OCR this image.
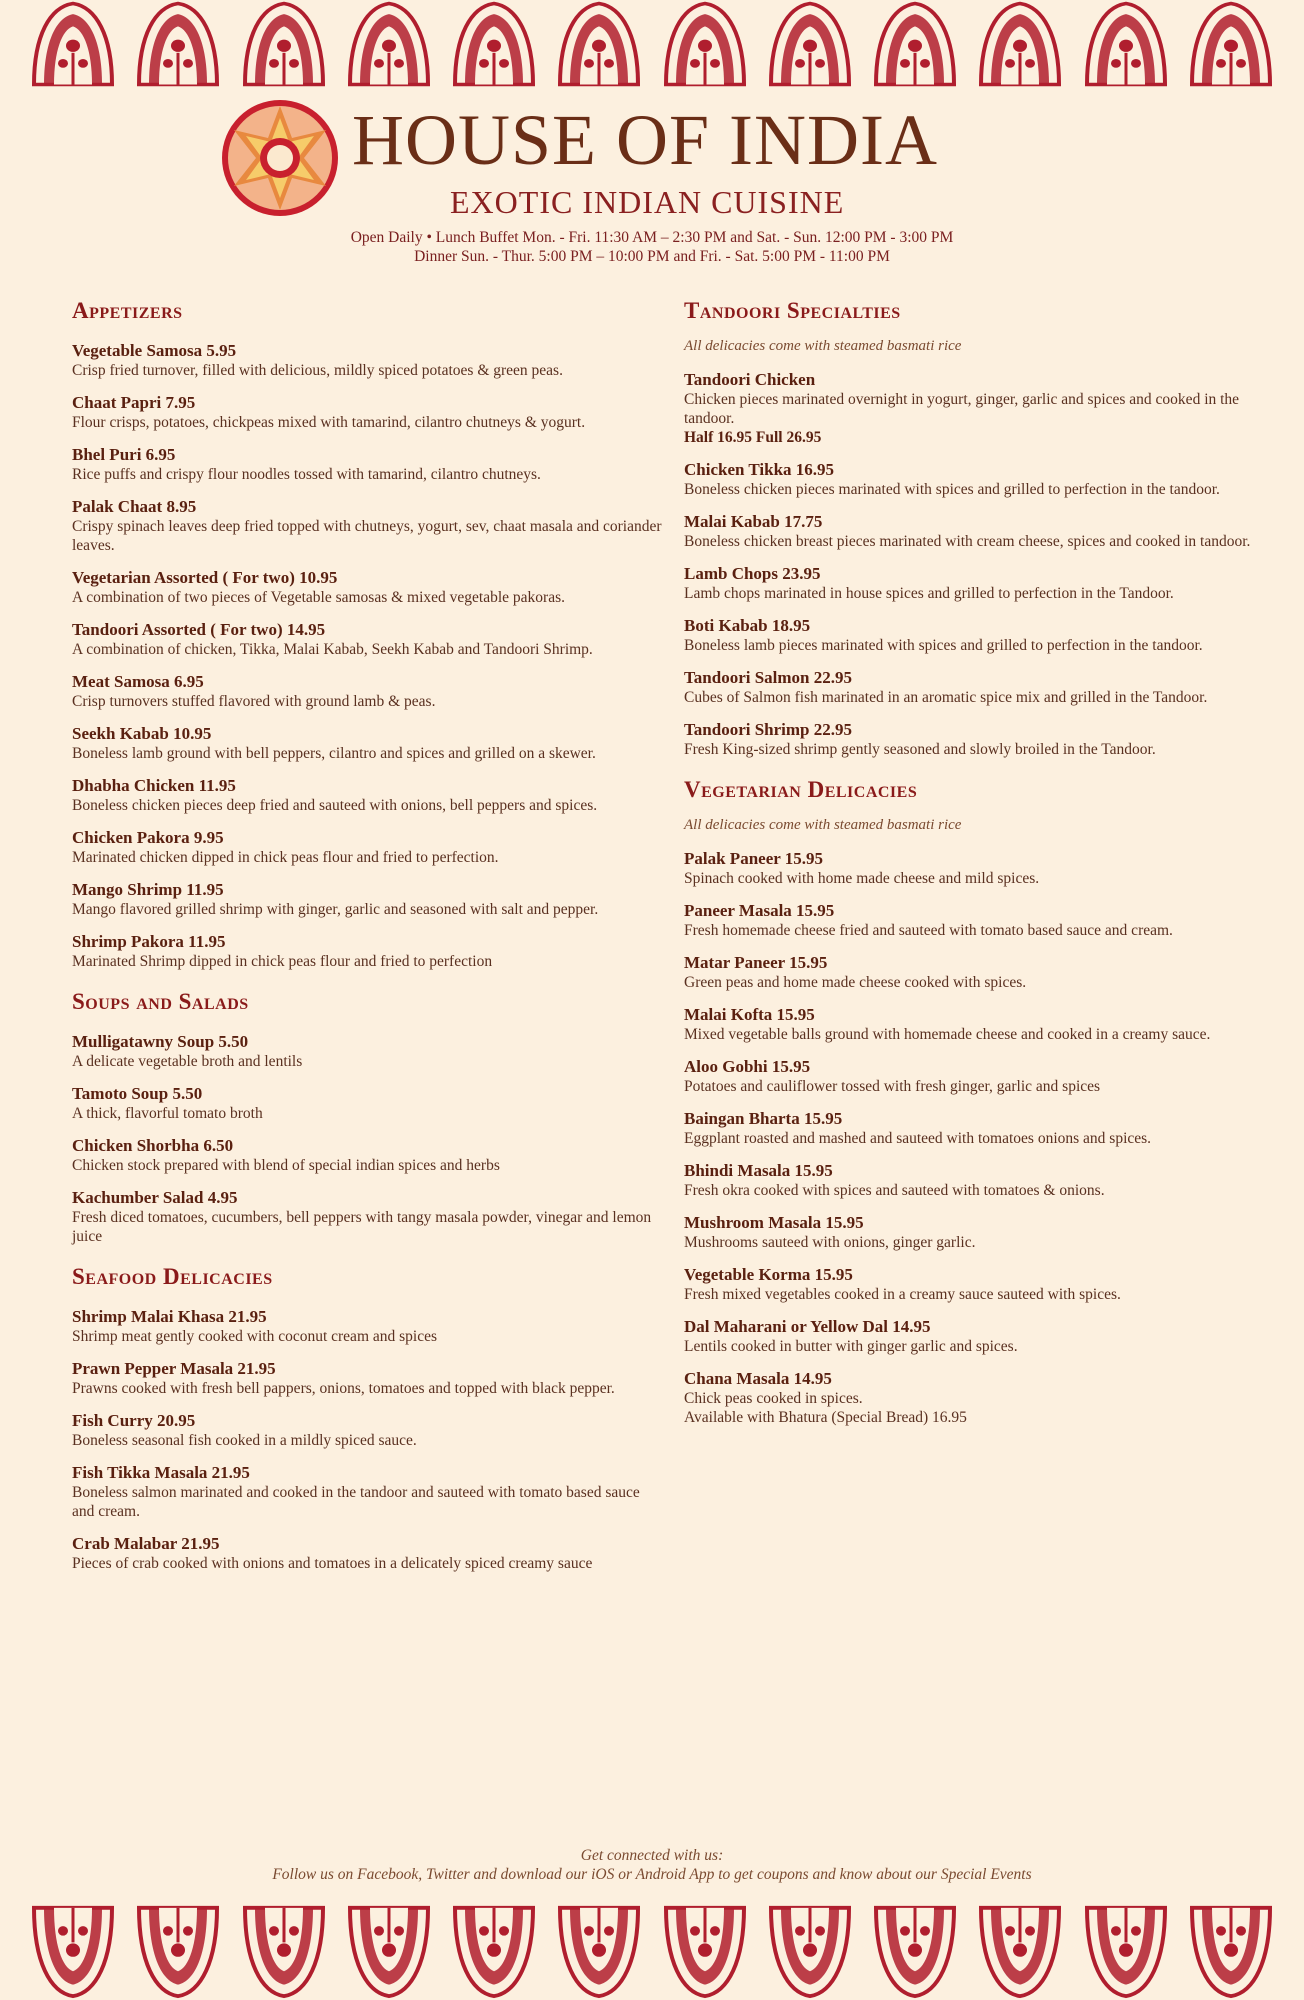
HOUSE OF INDIA
EXOTIC INDIAN CUISINE
Open Daily • Lunch Buffet Mon. - Fri. 11:30 AM – 2:30 PM and Sat. - Sun. 12:00 PM - 3:00 PM
Dinner Sun. - Thur. 5:00 PM – 10:00 PM and Fri. - Sat. 5:00 PM - 11:00 PM
Appetizers
Vegetable Samosa 5.95
Crisp fried turnover, filled with delicious, mildly spiced potatoes & green peas.
Chaat Papri 7.95
Flour crisps, potatoes, chickpeas mixed with tamarind, cilantro chutneys & yogurt.
Bhel Puri 6.95
Rice puffs and crispy flour noodles tossed with tamarind, cilantro chutneys.
Palak Chaat 8.95
Crispy spinach leaves deep fried topped with chutneys, yogurt, sev, chaat masala and coriander leaves.
Vegetarian Assorted ( For two) 10.95
A combination of two pieces of Vegetable samosas & mixed vegetable pakoras.
Tandoori Assorted ( For two) 14.95
A combination of chicken, Tikka, Malai Kabab, Seekh Kabab and Tandoori Shrimp.
Meat Samosa 6.95
Crisp turnovers stuffed flavored with ground lamb & peas.
Seekh Kabab 10.95
Boneless lamb ground with bell peppers, cilantro and spices and grilled on a skewer.
Dhabha Chicken 11.95
Boneless chicken pieces deep fried and sauteed with onions, bell peppers and spices.
Chicken Pakora 9.95
Marinated chicken dipped in chick peas flour and fried to perfection.
Mango Shrimp 11.95
Mango flavored grilled shrimp with ginger, garlic and seasoned with salt and pepper.
Shrimp Pakora 11.95
Marinated Shrimp dipped in chick peas flour and fried to perfection
Soups and Salads
Mulligatawny Soup 5.50
A delicate vegetable broth and lentils
Tamoto Soup 5.50
A thick, flavorful tomato broth
Chicken Shorbha 6.50
Chicken stock prepared with blend of special indian spices and herbs
Kachumber Salad 4.95
Fresh diced tomatoes, cucumbers, bell peppers with tangy masala powder, vinegar and lemon juice
Seafood Delicacies
Shrimp Malai Khasa 21.95
Shrimp meat gently cooked with coconut cream and spices
Prawn Pepper Masala 21.95
Prawns cooked with fresh bell pappers, onions, tomatoes and topped with black pepper.
Fish Curry 20.95
Boneless seasonal fish cooked in a mildly spiced sauce.
Fish Tikka Masala 21.95
Boneless salmon marinated and cooked in the tandoor and sauteed with tomato based sauce and cream.
Crab Malabar 21.95
Pieces of crab cooked with onions and tomatoes in a delicately spiced creamy sauce
Tandoori Specialties
All delicacies come with steamed basmati rice
Tandoori Chicken
Chicken pieces marinated overnight in yogurt, ginger, garlic and spices and cooked in the tandoor.
Half 16.95 Full 26.95
Chicken Tikka 16.95
Boneless chicken pieces marinated with spices and grilled to perfection in the tandoor.
Malai Kabab 17.75
Boneless chicken breast pieces marinated with cream cheese, spices and cooked in tandoor.
Lamb Chops 23.95
Lamb chops marinated in house spices and grilled to perfection in the Tandoor.
Boti Kabab 18.95
Boneless lamb pieces marinated with spices and grilled to perfection in the tandoor.
Tandoori Salmon 22.95
Cubes of Salmon fish marinated in an aromatic spice mix and grilled in the Tandoor.
Tandoori Shrimp 22.95
Fresh King-sized shrimp gently seasoned and slowly broiled in the Tandoor.
Vegetarian Delicacies
All delicacies come with steamed basmati rice
Palak Paneer 15.95
Spinach cooked with home made cheese and mild spices.
Paneer Masala 15.95
Fresh homemade cheese fried and sauteed with tomato based sauce and cream.
Matar Paneer 15.95
Green peas and home made cheese cooked with spices.
Malai Kofta 15.95
Mixed vegetable balls ground with homemade cheese and cooked in a creamy sauce.
Aloo Gobhi 15.95
Potatoes and cauliflower tossed with fresh ginger, garlic and spices
Baingan Bharta 15.95
Eggplant roasted and mashed and sauteed with tomatoes onions and spices.
Bhindi Masala 15.95
Fresh okra cooked with spices and sauteed with tomatoes & onions.
Mushroom Masala 15.95
Mushrooms sauteed with onions, ginger garlic.
Vegetable Korma 15.95
Fresh mixed vegetables cooked in a creamy sauce sauteed with spices.
Dal Maharani or Yellow Dal 14.95
Lentils cooked in butter with ginger garlic and spices.
Chana Masala 14.95
Chick peas cooked in spices.
Available with Bhatura (Special Bread) 16.95
Get connected with us:
Follow us on Facebook, Twitter and download our iOS or Android App to get coupons and know about our Special Events
